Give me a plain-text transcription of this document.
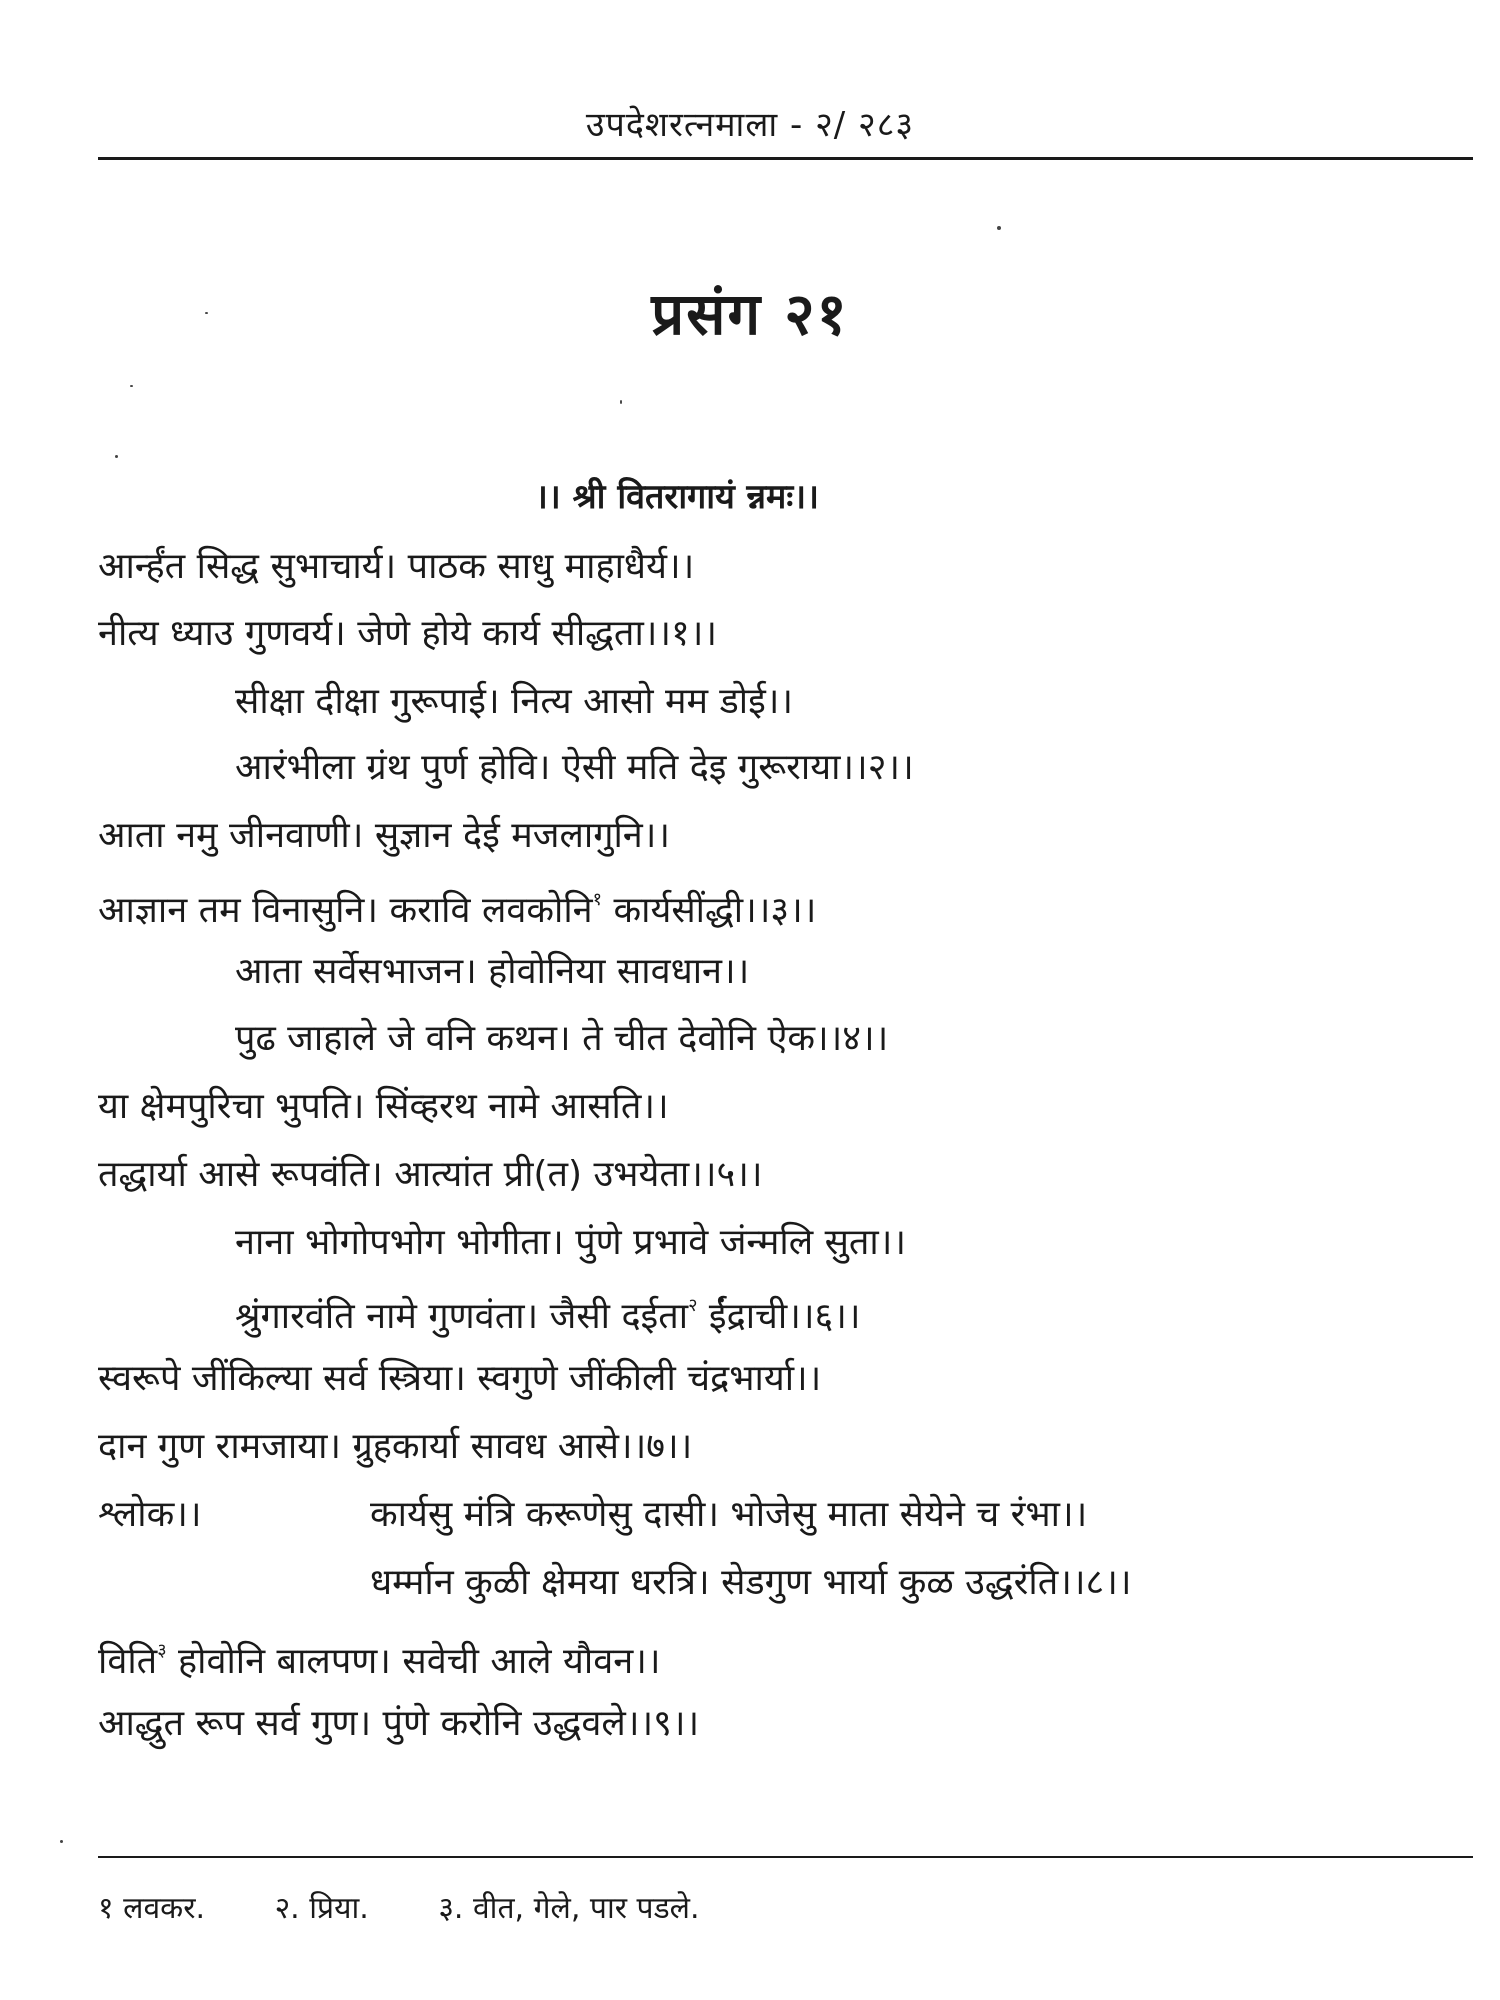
उपदेशरत्नमाला - २/ २८३
प्रसंग २१
।। श्री वितरागायं न्नमः।।
आर्न्हंत सिद्ध सुभाचार्य। पाठक साधु माहाधैर्य।।
नीत्य ध्याउ गुणवर्य। जेणे होये कार्य सीद्धता।।१।।
सीक्षा दीक्षा गुरूपाई। नित्य आसो मम डोई।।
आरंभीला ग्रंथ पुर्ण होवि। ऐसी मति देइ गुरूराया।।२।।
आता नमु जीनवाणी। सुज्ञान देई मजलागुनि।।
आज्ञान तम विनासुनि। करावि लवकोनि$^१$ कार्यसींद्धी।।३।।
आता सर्वेसभाजन। होवोनिया सावधान।।
पुढ जाहाले जे वनि कथन। ते चीत देवोनि ऐक।।४।।
या क्षेमपुरिचा भुपति। सिंव्हरथ नामे आसति।।
तद्धार्या आसे रूपवंति। आत्यांत प्री(त) उभयेता।।५।।
नाना भोगोपभोग भोगीता। पुंणे प्रभावे जंन्मलि सुता।।
श्रुंगारवंति नामे गुणवंता। जैसी दईता$^२$ ईंद्राची।।६।।
स्वरूपे जींकिल्या सर्व स्त्रिया। स्वगुणे जींकीली चंद्रभार्या।।
दान गुण रामजाया। ग्रुहकार्या सावध आसे।।७।।
श्लोक।।	कार्यसु मंत्रि करूणेसु दासी। भोजेसु माता सेयेने च रंभा।।
धर्म्मान कुळी क्षेमया धरत्रि। सेडगुण भार्या कुळ उद्धरंति।।८।।
विति$^३$ होवोनि बालपण। सवेची आले यौवन।।
आद्धुत रूप सर्व गुण। पुंणे करोनि उद्धवले।।९।।
१ लवकर. २. प्रिया. ३. वीत, गेले, पार पडले.
